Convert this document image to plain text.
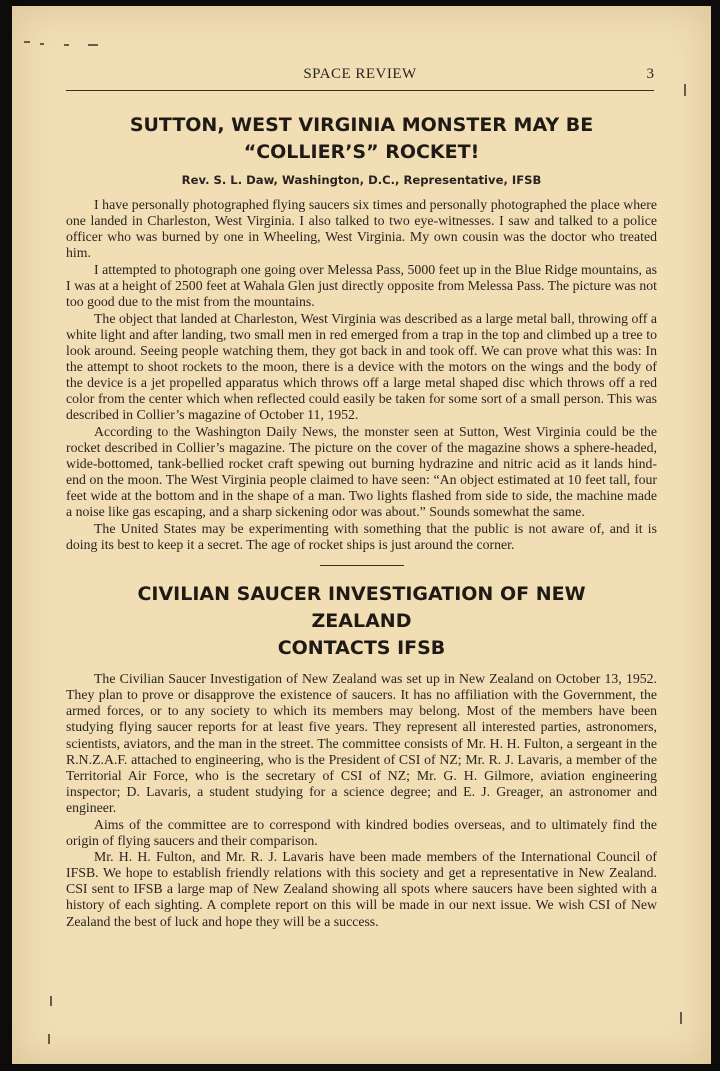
SPACE REVIEW	3
SUTTON, WEST VIRGINIA MONSTER MAY BE
“COLLIER’S” ROCKET!
Rev. S. L. Daw, Washington, D.C., Representative, IFSB

I have personally photographed flying saucers six times and personally photographed the place where one landed in Charleston, West Virginia. I also talked to two eye-witnesses. I saw and talked to a police officer who was burned by one in Wheeling, West Virginia. My own cousin was the doctor who treated him.

I attempted to photograph one going over Melessa Pass, 5000 feet up in the Blue Ridge mountains, as I was at a height of 2500 feet at Wahala Glen just directly opposite from Melessa Pass. The picture was not too good due to the mist from the mountains.

The object that landed at Charleston, West Virginia was described as a large metal ball, throwing off a white light and after landing, two small men in red emerged from a trap in the top and climbed up a tree to look around. Seeing people watching them, they got back in and took off. We can prove what this was: In the attempt to shoot rockets to the moon, there is a device with the motors on the wings and the body of the device is a jet propelled apparatus which throws off a large metal shaped disc which throws off a red color from the center which when reflected could easily be taken for some sort of a small person. This was described in Collier’s magazine of October 11, 1952.

According to the Washington Daily News, the monster seen at Sutton, West Virginia could be the rocket described in Collier’s magazine. The picture on the cover of the magazine shows a sphere-headed, wide-bottomed, tank-bellied rocket craft spewing out burning hydrazine and nitric acid as it lands hind-end on the moon. The West Virginia people claimed to have seen: “An object estimated at 10 feet tall, four feet wide at the bottom and in the shape of a man. Two lights flashed from side to side, the machine made a noise like gas escaping, and a sharp sickening odor was about.” Sounds somewhat the same.

The United States may be experimenting with something that the public is not aware of, and it is doing its best to keep it a secret. The age of rocket ships is just around the corner.

CIVILIAN SAUCER INVESTIGATION OF NEW ZEALAND
CONTACTS IFSB

The Civilian Saucer Investigation of New Zealand was set up in New Zealand on October 13, 1952. They plan to prove or disapprove the existence of saucers. It has no affiliation with the Government, the armed forces, or to any society to which its members may belong. Most of the members have been studying flying saucer reports for at least five years. They represent all interested parties, astronomers, scientists, aviators, and the man in the street. The committee consists of Mr. H. H. Fulton, a sergeant in the R.N.Z.A.F. attached to engineering, who is the President of CSI of NZ; Mr. R. J. Lavaris, a member of the Territorial Air Force, who is the secretary of CSI of NZ; Mr. G. H. Gilmore, aviation engineering inspector; D. Lavaris, a student studying for a science degree; and E. J. Greager, an astronomer and engineer.

Aims of the committee are to correspond with kindred bodies overseas, and to ultimately find the origin of flying saucers and their comparison.

Mr. H. H. Fulton, and Mr. R. J. Lavaris have been made members of the International Council of IFSB. We hope to establish friendly relations with this society and get a representative in New Zealand. CSI sent to IFSB a large map of New Zealand showing all spots where saucers have been sighted with a history of each sighting. A complete report on this will be made in our next issue. We wish CSI of New Zealand the best of luck and hope they will be a success.
